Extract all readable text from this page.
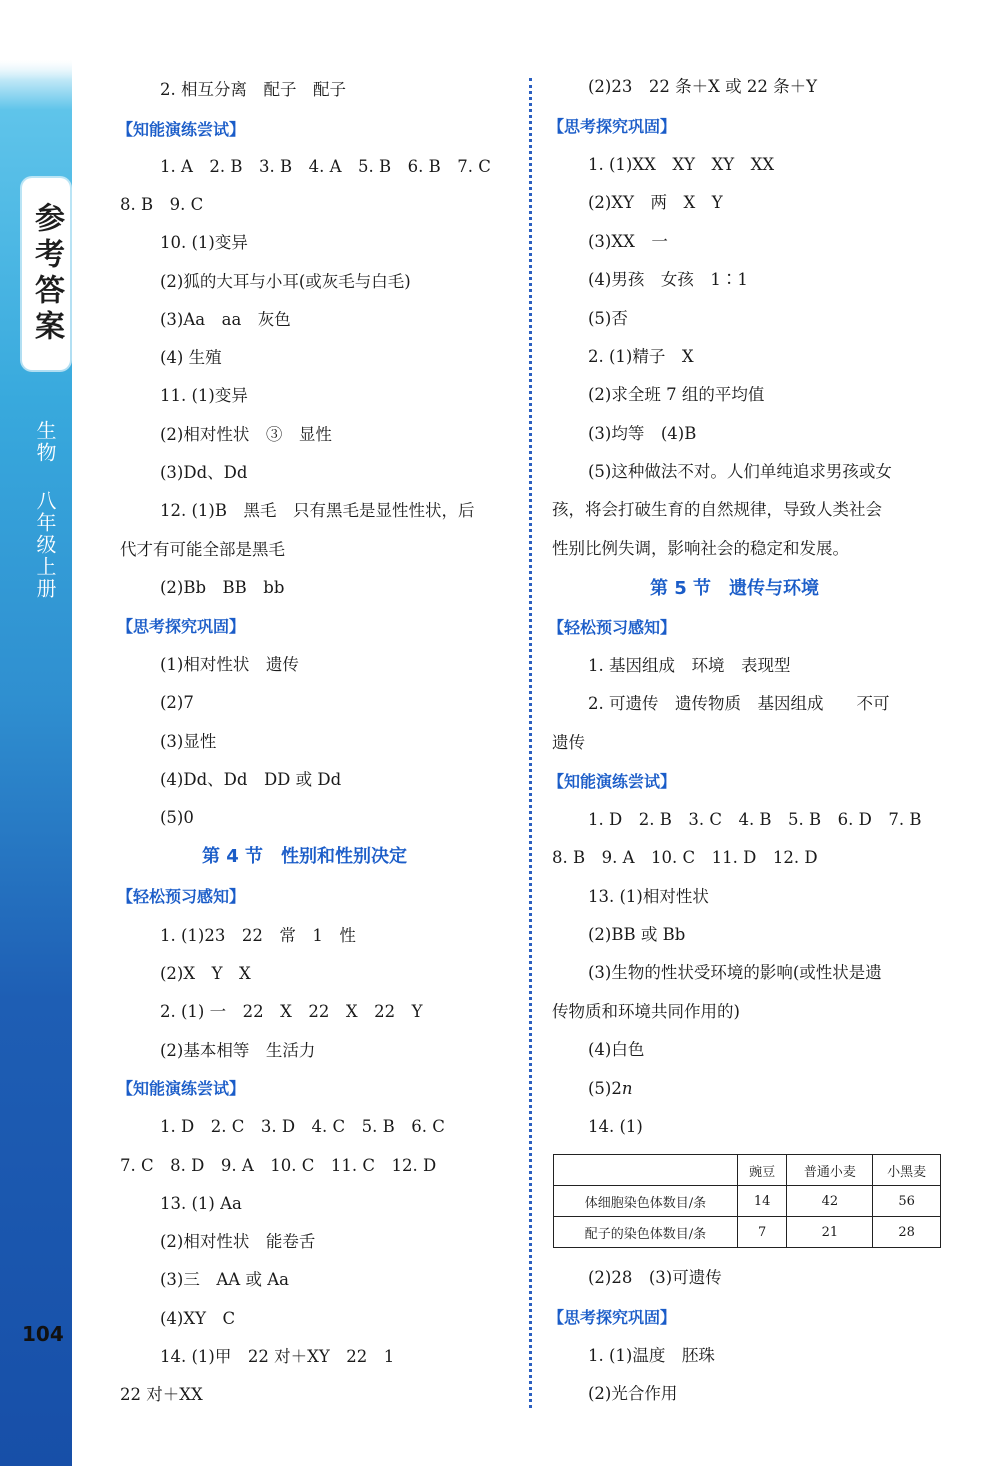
参考答案
生物 八年级上册
104
2. 相互分离　配子　配子
【知能演练尝试】
1. A　2. B　3. B　4. A　5. B　6. B　7. C
8. B　9. C
10. (1)变异
(2)狐的大耳与小耳(或灰毛与白毛)
(3)Aa　aa　灰色
(4) 生殖
11. (1)变异
(2)相对性状　③　显性
(3)Dd、Dd
12. (1)B　黑毛　只有黑毛是显性性状，后
代才有可能全部是黑毛
(2)Bb　BB　bb
【思考探究巩固】
(1)相对性状　遗传
(2)7
(3)显性
(4)Dd、Dd　DD 或 Dd
(5)0
第 4 节　性别和性别决定
【轻松预习感知】
1. (1)23　22　常　1　性
(2)X　Y　X
2. (1) 一　22　X　22　X　22　Y
(2)基本相等　生活力
【知能演练尝试】
1. D　2. C　3. D　4. C　5. B　6. C
7. C　8. D　9. A　10. C　11. C　12. D
13. (1) Aa
(2)相对性状　能卷舌
(3)三　AA 或 Aa
(4)XY　C
14. (1)甲　22 对＋XY　22　1
22 对＋XX
(2)23　22 条＋X 或 22 条＋Y
【思考探究巩固】
1. (1)XX　XY　XY　XX
(2)XY　两　X　Y
(3)XX　一
(4)男孩　女孩　1∶1
(5)否
2. (1)精子　X
(2)求全班 7 组的平均值
(3)均等　(4)B
(5)这种做法不对。人们单纯追求男孩或女
孩，将会打破生育的自然规律，导致人类社会
性别比例失调，影响社会的稳定和发展。
第 5 节　遗传与环境
【轻松预习感知】
1. 基因组成　环境　表现型
2. 可遗传　遗传物质　基因组成　　不可
遗传
【知能演练尝试】
1. D　2. B　3. C　4. B　5. B　6. D　7. B
8. B　9. A　10. C　11. D　12. D
13. (1)相对性状
(2)BB 或 Bb
(3)生物的性状受环境的影响(或性状是遗
传物质和环境共同作用的)
(4)白色
(5)2n
14. (1)
(2)28　(3)可遗传
【思考探究巩固】
1. (1)温度　胚珠
(2)光合作用
	豌豆	普通小麦	小黑麦
体细胞染色体数目/条	14	42	56
配子的染色体数目/条	7	21	28
